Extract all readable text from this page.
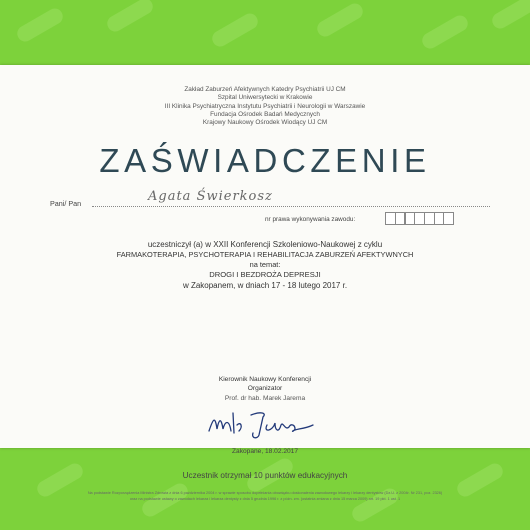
Zakład Zaburzeń Afektywnych Katedry Psychiatrii UJ CM
Szpital Uniwersytecki w Krakowie
III Klinika Psychiatryczna Instytutu Psychiatrii i Neurologii w Warszawie
Fundacja Ośrodek Badań Medycznych
Krajowy Naukowy Ośrodek Wiodący UJ CM
ZAŚWIADCZENIE
Pani/ Pan	Agata Świerkosz
nr prawa wykonywania zawodu:
uczestniczył (a) w XXII Konferencji Szkoleniowo-Naukowej z cyklu
FARMAKOTERAPIA, PSYCHOTERAPIA I REHABILITACJA ZABURZEŃ AFEKTYWNYCH
na temat:
DROGI I BEZDROŻA DEPRESJI
w Zakopanem, w dniach 17 - 18 lutego 2017 r.
Kierownik Naukowy Konferencji
Organizator
Prof. dr hab. Marek Jarema
Zakopane, 18.02.2017
Uczestnik otrzymał 10 punktów edukacyjnych
Na podstawie Rozporządzenia Ministra Zdrowia z dnia 6 października 2004 r. w sprawie sposobu dopełniania obowiązku doskonalenia zawodowego lekarzy i lekarzy dentystów (Dz.U. z 2004r. Nr 231, poz. 2326)
oraz na podstawie ustawy o zawodach lekarza i lekarza dentysty z dnia 5 grudnia 1996 r. z późn. zm. (ostatnia zmiana z dnia 15 marca 2009) art. 19 pkt. 1 ust. 1
